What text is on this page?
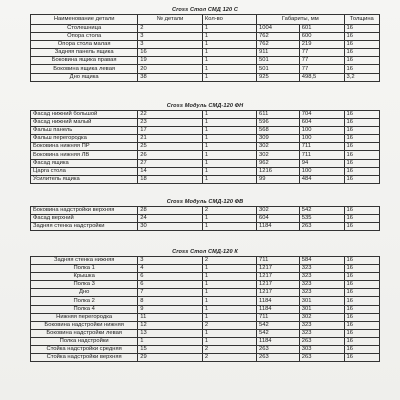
Cross Стол СМД 120 С
Наименование детали	№ детали	Кол-во	Габариты, мм		Толщина
Столешница	2	1	1004	601	16
Опора стола	3	1	762	600	16
Опора стола малая	3	1	762	219	16
Задняя панель ящика	16	1	911	77	16
Боковина ящика правая	19	1	501	77	16
Боковина ящика левая	20	1	501	77	16
Дно ящика	38	1	925	498,5	3,2
Cross Модуль СМД-120 ФН
Фасад нижний большой	22	1	611	704	16
Фасад нижний малый	23	1	596	604	16
Фальш панель	17	1	568	100	16
Фальш перегородка	21	1	309	100	16
Боковина нижняя ПР	25	1	302	711	16
Боковина нижняя ЛВ	26	1	302	711	16
Фасад ящика	27	1	962	94	16
Царга стола	14	1	1216	100	16
Усилитель ящика	18	1	99	484	16
Cross Модуль СМД-120 ФВ
Боковина надстройки верхняя	28	2	302	542	16
Фасад верхний	24	1	604	535	16
Задняя стенка надстройки	30	1	1184	263	16
Cross Стол СМД-120 К
Задняя стенка нижняя	3	2	711	584	16
Полка 1	4	1	1217	323	16
Крышка	6	1	1217	323	16
Полка 3	6	1	1217	323	16
Дно	7	1	1217	323	16
Полка 2	8	1	1184	301	16
Полка 4	9	1	1184	301	16
Нижняя перегородка	11	1	711	302	16
Боковина надстройки нижняя	12	2	542	323	16
Боковина надстройки левая	13	1	542	323	16
Полка надстройки	1	1	1184	263	16
Стойка надстройки средняя	15	2	263	303	16
Стойка надстройки верхняя	29	2	263	263	16
